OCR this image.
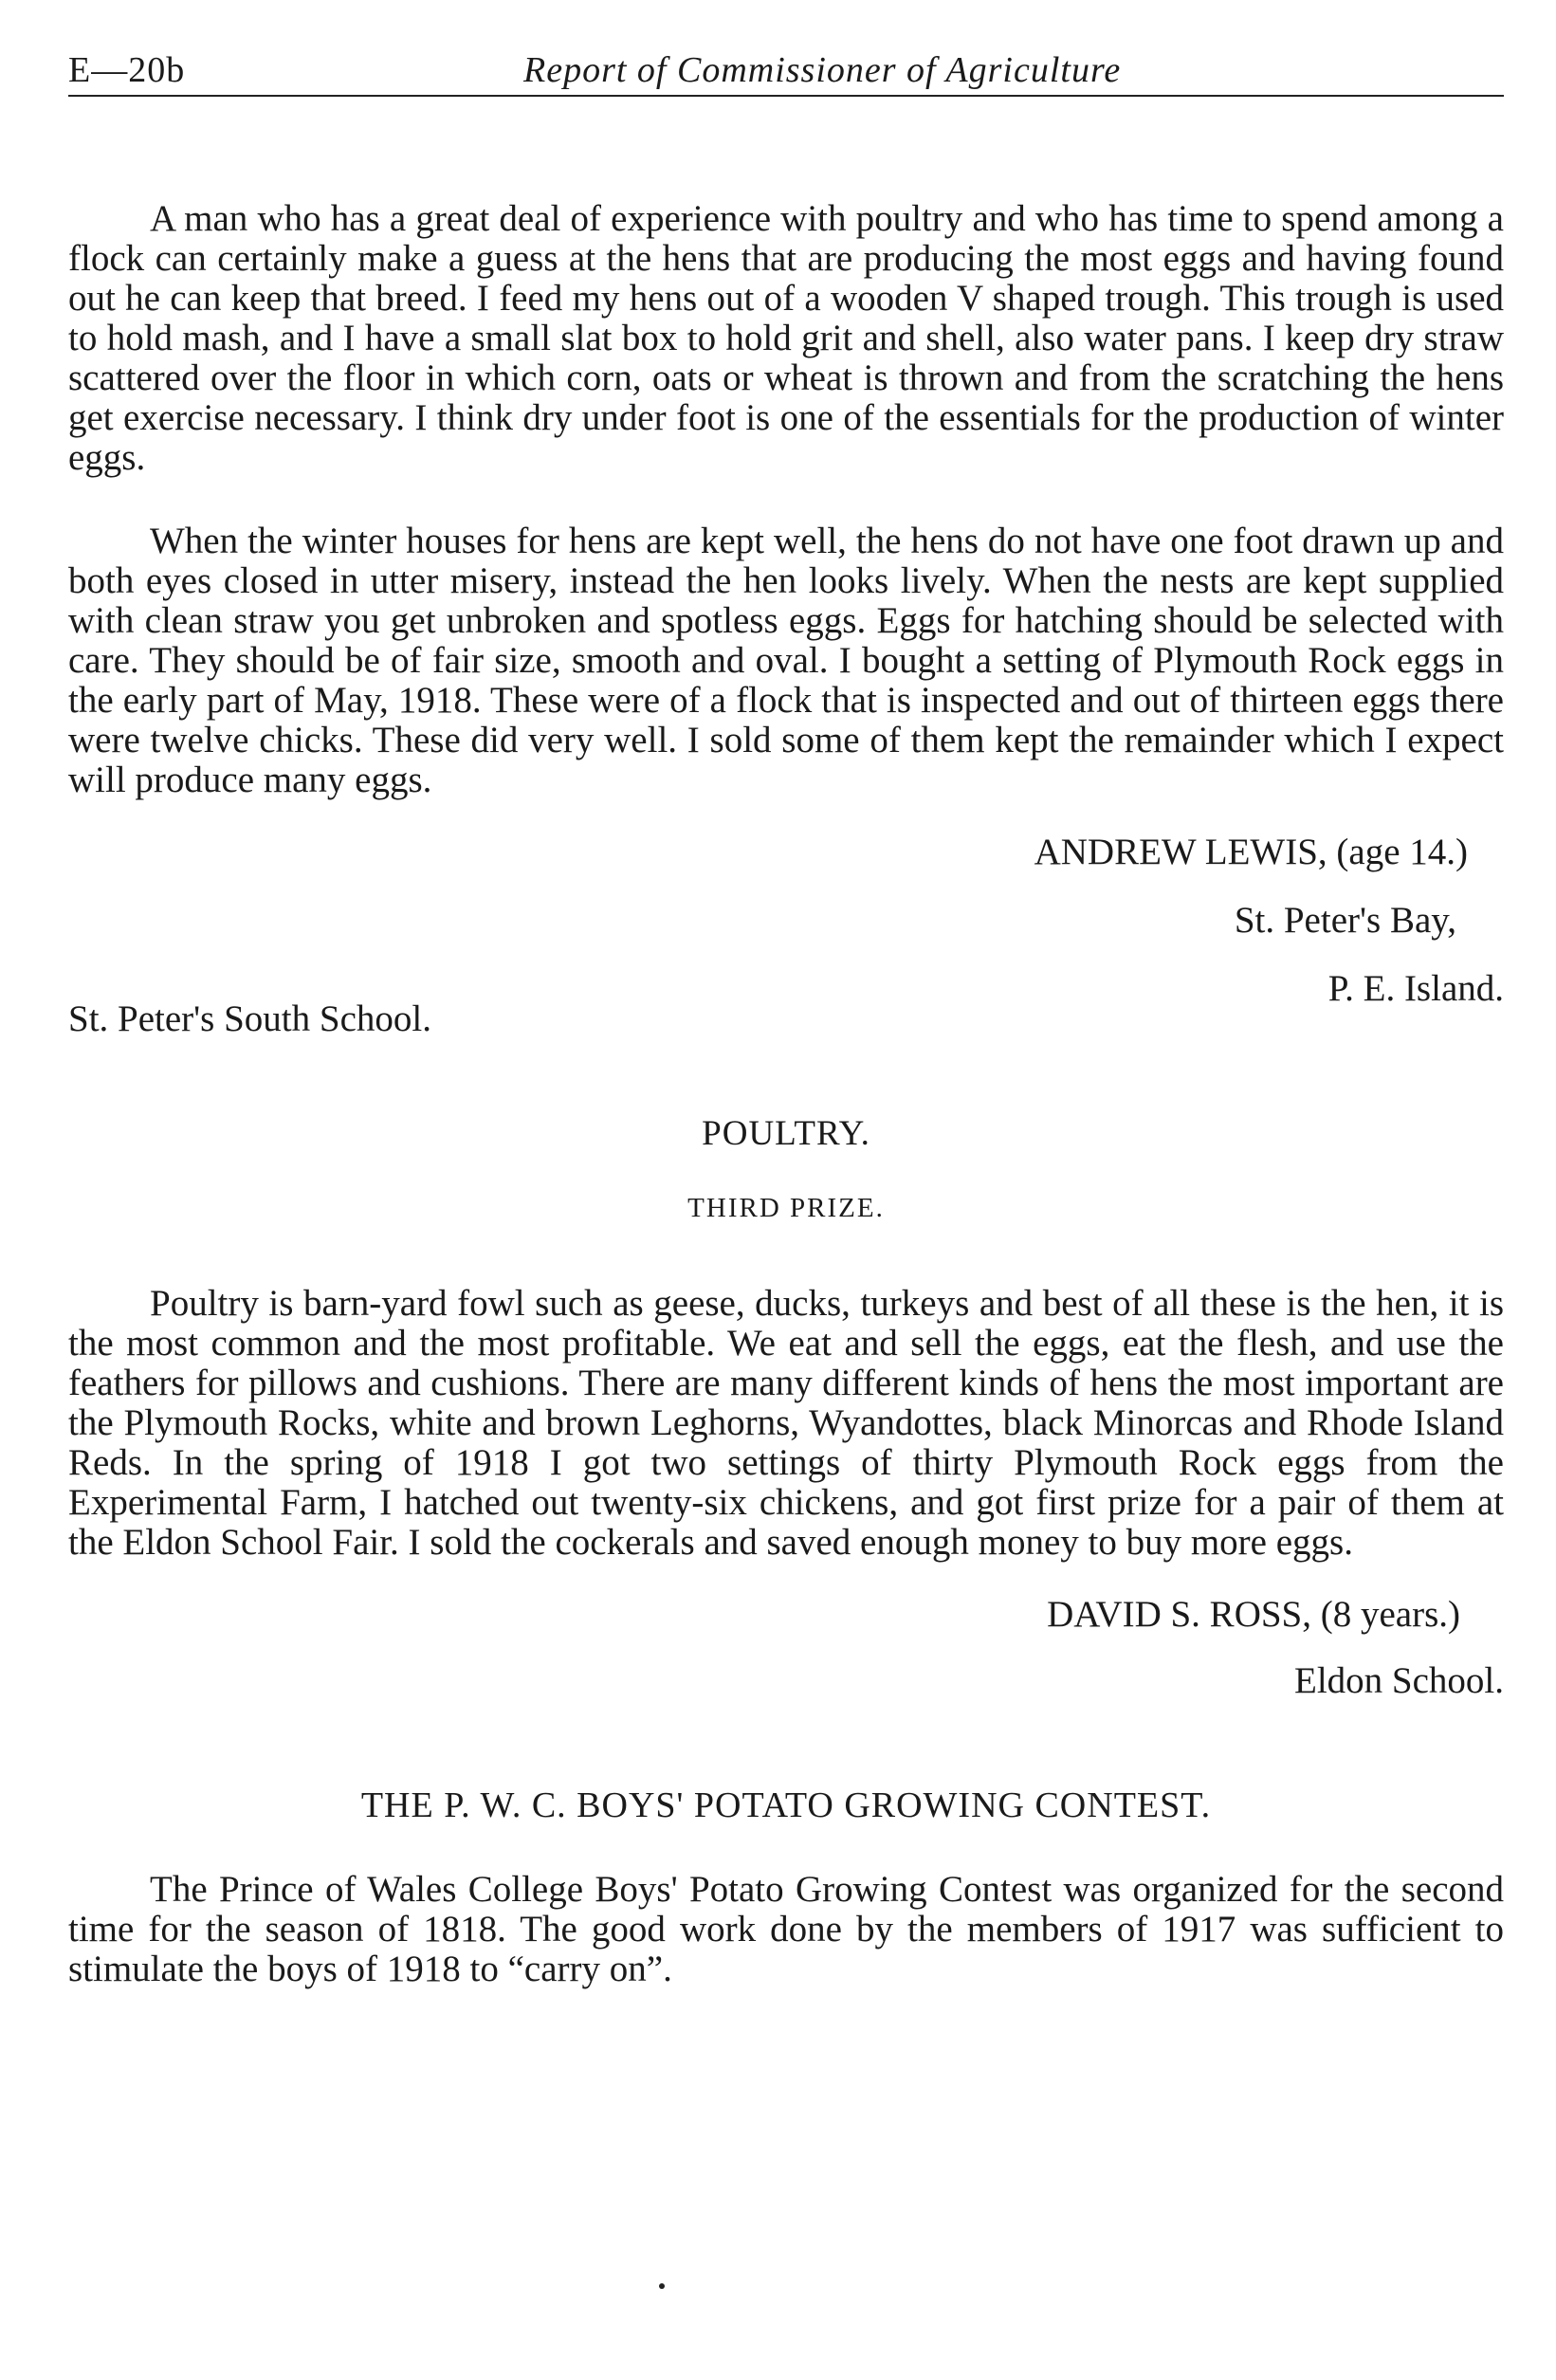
E—20b	Report of Commissioner of Agriculture

A man who has a great deal of experience with poultry and who has time to spend among a flock can certainly make a guess at the hens that are producing the most eggs and having found out he can keep that breed. I feed my hens out of a wooden V shaped trough. This trough is used to hold mash, and I have a small slat box to hold grit and shell, also water pans. I keep dry straw scattered over the floor in which corn, oats or wheat is thrown and from the scratching the hens get exercise necessary. I think dry under foot is one of the essentials for the production of winter eggs.

When the winter houses for hens are kept well, the hens do not have one foot drawn up and both eyes closed in utter misery, instead the hen looks lively. When the nests are kept supplied with clean straw you get unbroken and spotless eggs. Eggs for hatching should be selected with care. They should be of fair size, smooth and oval. I bought a setting of Plymouth Rock eggs in the early part of May, 1918. These were of a flock that is inspected and out of thirteen eggs there were twelve chicks. These did very well. I sold some of them kept the remainder which I expect will produce many eggs.

ANDREW LEWIS, (age 14.)
St. Peter's Bay,
P. E. Island.
St. Peter's South School.
POULTRY.
THIRD PRIZE.

Poultry is barn-yard fowl such as geese, ducks, turkeys and best of all these is the hen, it is the most common and the most profitable. We eat and sell the eggs, eat the flesh, and use the feathers for pillows and cushions. There are many different kinds of hens the most important are the Plymouth Rocks, white and brown Leghorns, Wyandottes, black Minorcas and Rhode Island Reds. In the spring of 1918 I got two settings of thirty Plymouth Rock eggs from the Experimental Farm, I hatched out twenty-six chickens, and got first prize for a pair of them at the Eldon School Fair. I sold the cockerals and saved enough money to buy more eggs.

DAVID S. ROSS, (8 years.)
Eldon School.
THE P. W. C. BOYS' POTATO GROWING CONTEST.

The Prince of Wales College Boys' Potato Growing Contest was organized for the second time for the season of 1818. The good work done by the members of 1917 was sufficient to stimulate the boys of 1918 to “carry on”.
